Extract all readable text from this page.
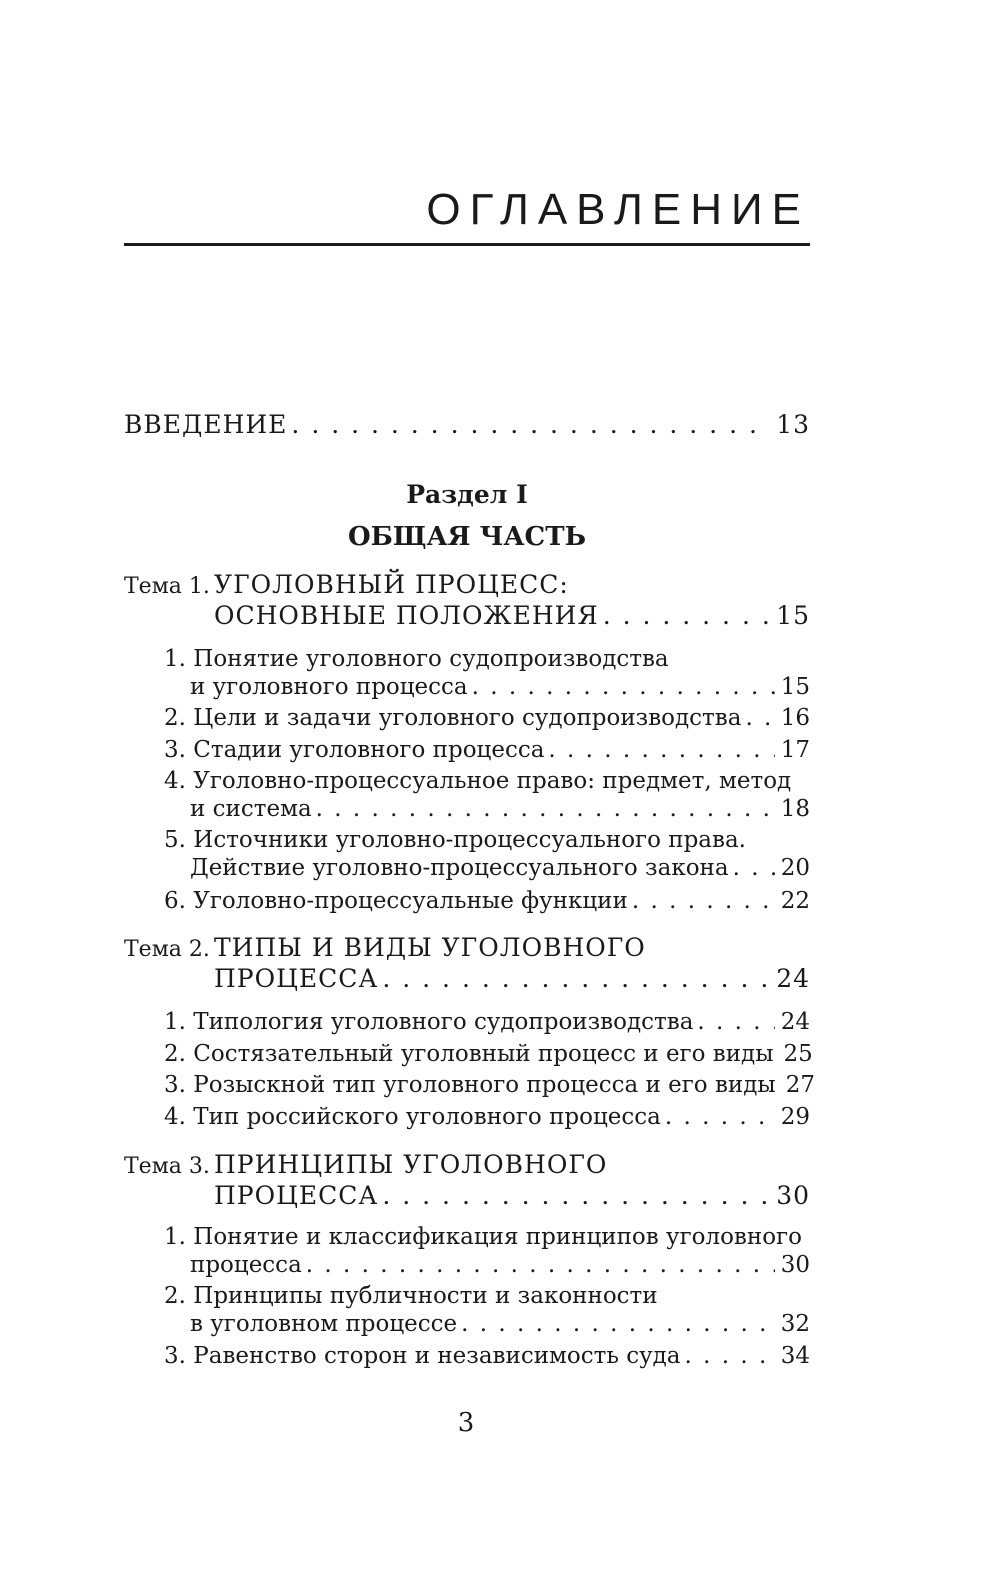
ОГЛАВЛЕНИЕ
ВВЕДЕНИЕ . . .	13
Раздел I
ОБЩАЯ ЧАСТЬ
Тема 1. УГОЛОВНЫЙ ПРОЦЕСС:
ОСНОВНЫЕ ПОЛОЖЕНИЯ . . .	15
1. Понятие уголовного судопроизводства
и уголовного процесса . . .	15
2. Цели и задачи уголовного судопроизводства . . . 16
3. Стадии уголовного процесса . . .	17
4. Уголовно-процессуальное право: предмет, метод
и система . . .	18
5. Источники уголовно-процессуального права.
Действие уголовно-процессуального закона . . . 20
6. Уголовно-процессуальные функции . . .	22
Тема 2. ТИПЫ И ВИДЫ УГОЛОВНОГО
ПРОЦЕССА . . .	24
1. Типология уголовного судопроизводства . . .	24
2. Состязательный уголовный процесс и его виды 25
3. Розыскной тип уголовного процесса и его виды 27
4. Тип российского уголовного процесса . . .	29
Тема 3. ПРИНЦИПЫ УГОЛОВНОГО
ПРОЦЕССА . . .	30
1. Понятие и классификация принципов уголовного
процесса . . .	30
2. Принципы публичности и законности
в уголовном процессе . . .	32
3. Равенство сторон и независимость суда . . .	34
3
